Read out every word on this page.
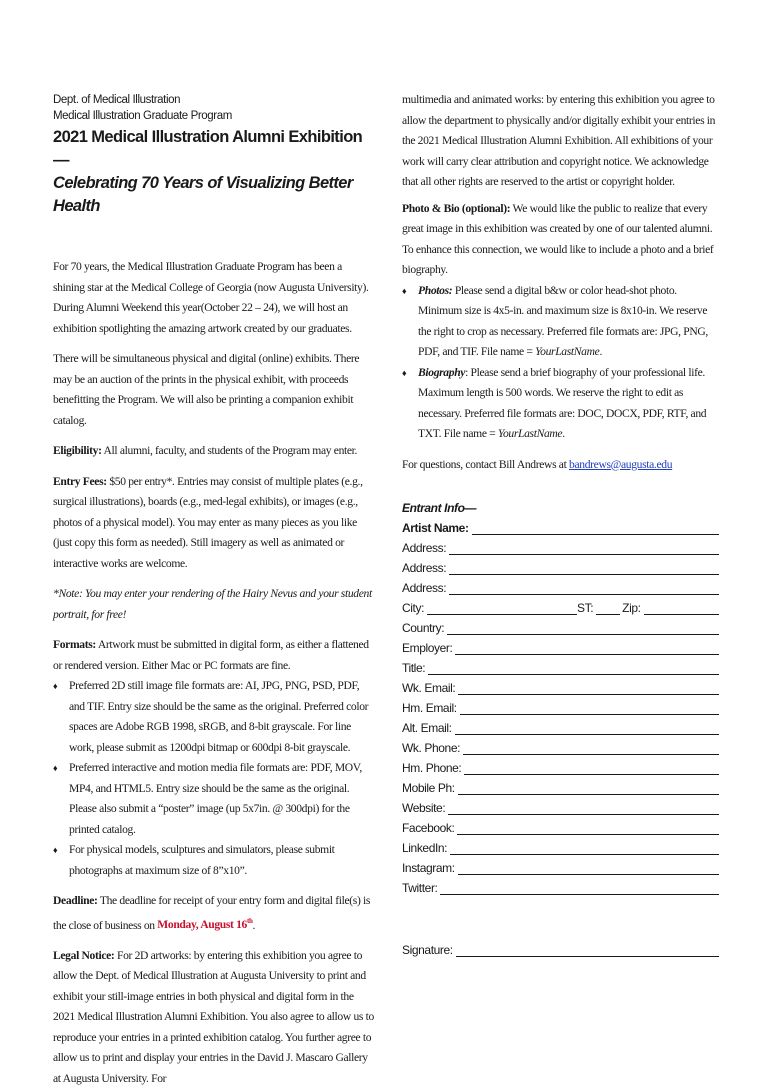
Dept. of Medical Illustration
Medical Illustration Graduate Program
2021 Medical Illustration Alumni Exhibition—
Celebrating 70 Years of Visualizing Better Health

For 70 years, the Medical Illustration Graduate Program has been a shining star at the Medical College of Georgia (now Augusta University). During Alumni Weekend this year(October 22 – 24), we will host an exhibition spotlighting the amazing artwork created by our graduates.

There will be simultaneous physical and digital (online) exhibits. There may be an auction of the prints in the physical exhibit, with proceeds benefitting the Program. We will also be printing a companion exhibit catalog.

Eligibility: All alumni, faculty, and students of the Program may enter.

Entry Fees: $50 per entry*. Entries may consist of multiple plates (e.g., surgical illustrations), boards (e.g., med-legal exhibits), or images (e.g., photos of a physical model). You may enter as many pieces as you like (just copy this form as needed). Still imagery as well as animated or interactive works are welcome.

*Note: You may enter your rendering of the Hairy Nevus and your student portrait, for free!

Formats: Artwork must be submitted in digital form, as either a flattened or rendered version. Either Mac or PC formats are fine.

♦ Preferred 2D still image file formats are: AI, JPG, PNG, PSD, PDF, and TIF. Entry size should be the same as the original. Preferred color spaces are Adobe RGB 1998, sRGB, and 8-bit grayscale. For line work, please submit as 1200dpi bitmap or 600dpi 8-bit grayscale.
♦ Preferred interactive and motion media file formats are: PDF, MOV, MP4, and HTML5. Entry size should be the same as the original. Please also submit a “poster” image (up 5x7in. @ 300dpi) for the printed catalog.
♦ For physical models, sculptures and simulators, please submit photographs at maximum size of 8”x10”.

Deadline: The deadline for receipt of your entry form and digital file(s) is the close of business on Monday, August 16th.

Legal Notice: For 2D artworks: by entering this exhibition you agree to allow the Dept. of Medical Illustration at Augusta University to print and exhibit your still-image entries in both physical and digital form in the 2021 Medical Illustration Alumni Exhibition. You also agree to allow us to reproduce your entries in a printed exhibition catalog. You further agree to allow us to print and display your entries in the David J. Mascaro Gallery at Augusta University. For

multimedia and animated works: by entering this exhibition you agree to allow the department to physically and/or digitally exhibit your entries in the 2021 Medical Illustration Alumni Exhibition. All exhibitions of your work will carry clear attribution and copyright notice. We acknowledge that all other rights are reserved to the artist or copyright holder.

Photo & Bio (optional): We would like the public to realize that every great image in this exhibition was created by one of our talented alumni. To enhance this connection, we would like to include a photo and a brief biography.

♦ Photos: Please send a digital b&w or color head-shot photo. Minimum size is 4x5-in. and maximum size is 8x10-in. We reserve the right to crop as necessary. Preferred file formats are: JPG, PNG, PDF, and TIF. File name = YourLastName.
♦ Biography: Please send a brief biography of your professional life. Maximum length is 500 words. We reserve the right to edit as necessary. Preferred file formats are: DOC, DOCX, PDF, RTF, and TXT. File name = YourLastName.

For questions, contact Bill Andrews at bandrews@augusta.edu

Entrant Info—
Artist Name:
Address:
Address:
Address:
City:	ST: Zip:
Country:
Employer:
Title:
Wk. Email:
Hm. Email:
Alt. Email:
Wk. Phone:
Hm. Phone:
Mobile Ph:
Website:
Facebook:
LinkedIn:
Instagram:
Twitter:
Signature:
